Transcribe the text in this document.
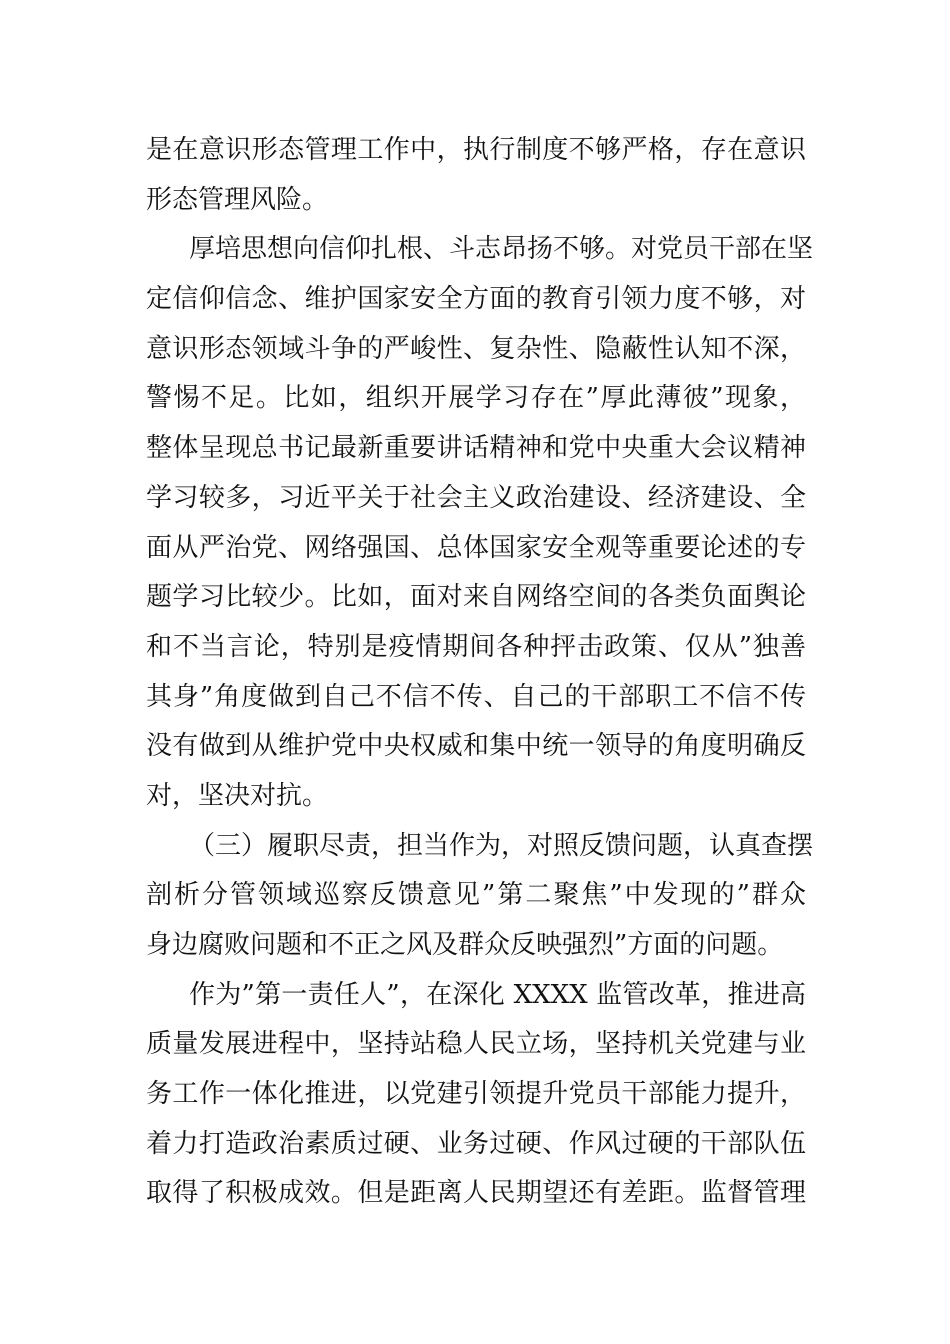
是在意识形态管理工作中，执行制度不够严格，存在意识
形态管理风险。

厚培思想向信仰扎根、斗志昂扬不够。对党员干部在坚
定信仰信念、维护国家安全方面的教育引领力度不够，对
意识形态领域斗争的严峻性、复杂性、隐蔽性认知不深，
警惕不足。比如，组织开展学习存在”厚此薄彼”现象，
整体呈现总书记最新重要讲话精神和党中央重大会议精神
学习较多，习近平关于社会主义政治建设、经济建设、全
面从严治党、网络强国、总体国家安全观等重要论述的专
题学习比较少。比如，面对来自网络空间的各类负面舆论
和不当言论，特别是疫情期间各种抨击政策、仅从”独善
其身”角度做到自己不信不传、自己的干部职工不信不传
没有做到从维护党中央权威和集中统一领导的角度明确反
对，坚决对抗。

（三）履职尽责，担当作为，对照反馈问题，认真查摆
剖析分管领域巡察反馈意见”第二聚焦”中发现的”群众
身边腐败问题和不正之风及群众反映强烈”方面的问题。

作为”第一责任人”，在深化 XXXX 监管改革，推进高
质量发展进程中，坚持站稳人民立场，坚持机关党建与业
务工作一体化推进，以党建引领提升党员干部能力提升，
着力打造政治素质过硬、业务过硬、作风过硬的干部队伍
取得了积极成效。但是距离人民期望还有差距。监督管理
